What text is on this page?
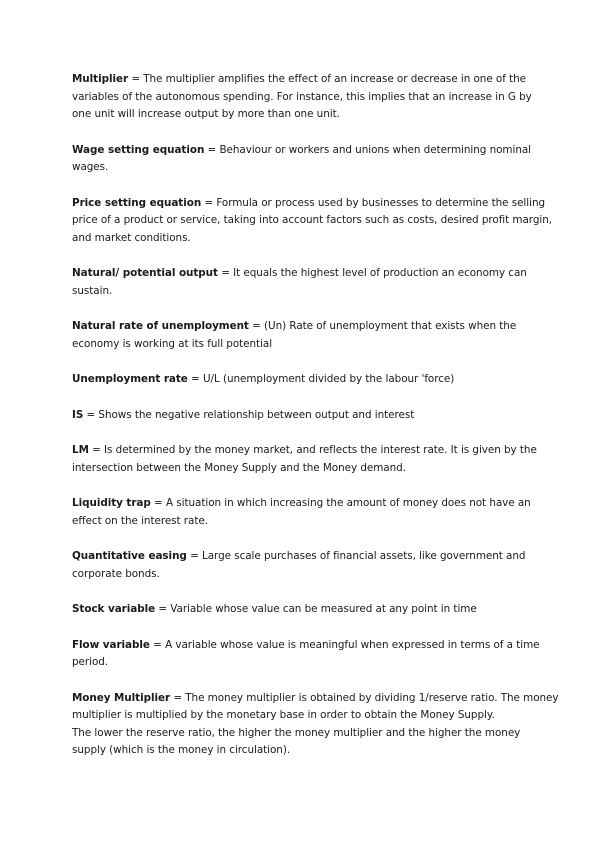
Multiplier = The multiplier amplifies the effect of an increase or decrease in one of the
variables of the autonomous spending. For instance, this implies that an increase in G by
one unit will increase output by more than one unit.

Wage setting equation = Behaviour or workers and unions when determining nominal
wages.

Price setting equation = Formula or process used by businesses to determine the selling
price of a product or service, taking into account factors such as costs, desired profit margin,
and market conditions.

Natural/ potential output = It equals the highest level of production an economy can
sustain.

Natural rate of unemployment = (Un) Rate of unemployment that exists when the
economy is working at its full potential

Unemployment rate = U/L (unemployment divided by the labour 'force)

IS = Shows the negative relationship between output and interest

LM = Is determined by the money market, and reflects the interest rate. It is given by the
intersection between the Money Supply and the Money demand.

Liquidity trap = A situation in which increasing the amount of money does not have an
effect on the interest rate.

Quantitative easing = Large scale purchases of financial assets, like government and
corporate bonds.

Stock variable = Variable whose value can be measured at any point in time

Flow variable = A variable whose value is meaningful when expressed in terms of a time
period.

Money Multiplier = The money multiplier is obtained by dividing 1/reserve ratio. The money
multiplier is multiplied by the monetary base in order to obtain the Money Supply.
The lower the reserve ratio, the higher the money multiplier and the higher the money
supply (which is the money in circulation).
